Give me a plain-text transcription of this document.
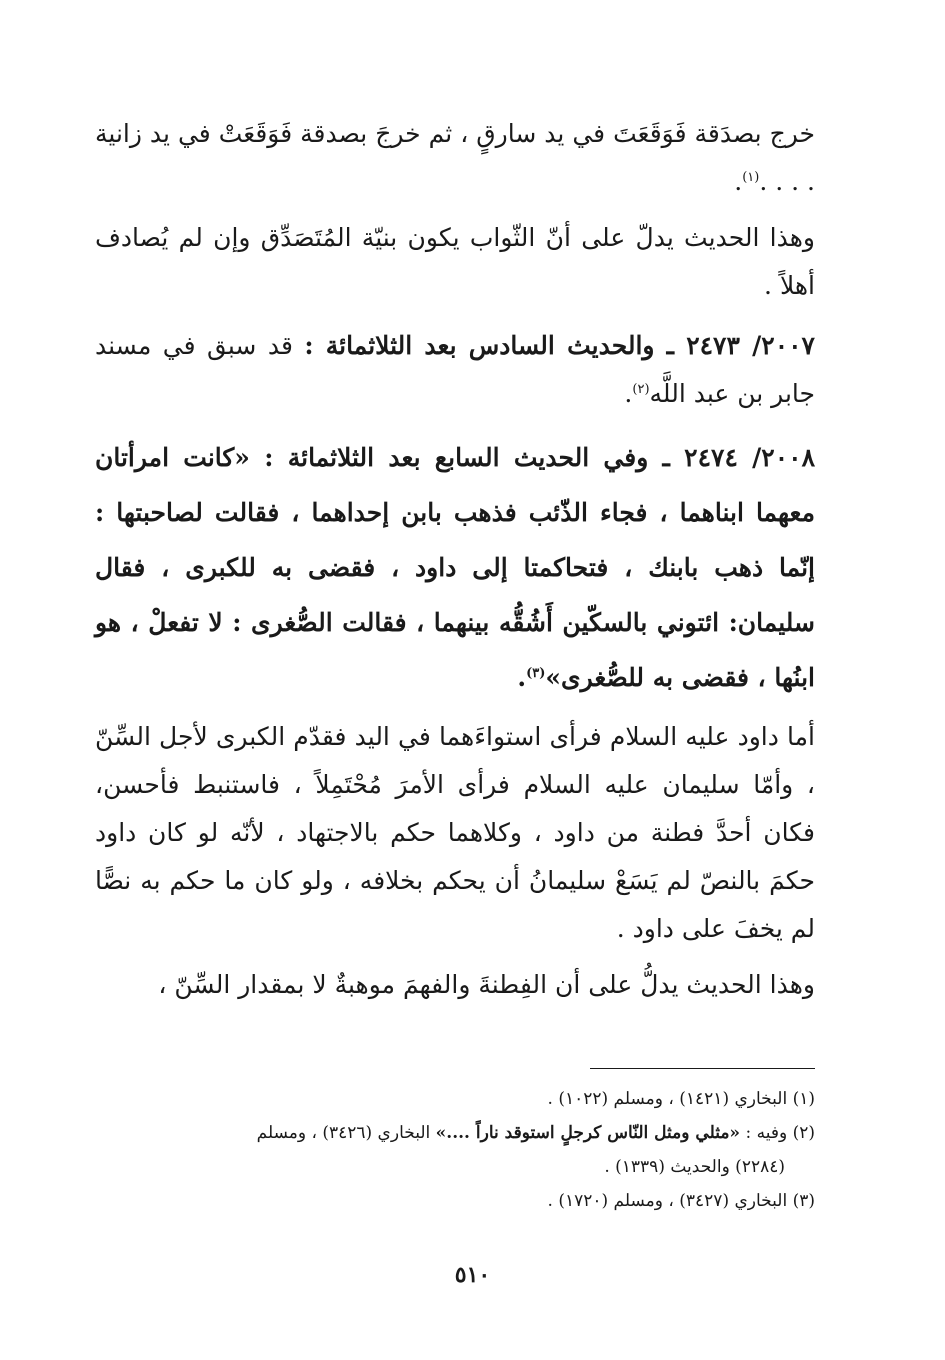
خرج بصدَقة فَوَقَعَتَ في يد سارقٍ ، ثم خرجَ بصدقة فَوَقَعَتْ في يد زانية . . . .$^{(١)}$.

وهذا الحديث يدلّ على أنّ الثّواب يكون بنيّة المُتَصَدِّق وإن لم يُصادف أهلاً .

٢٠٠٧/ ٢٤٧٣ ـ والحديث السادس بعد الثلاثمائة : قد سبق في مسند جابر بن عبد اللَّه$^{(٢)}$.

٢٠٠٨/ ٢٤٧٤ ـ وفي الحديث السابع بعد الثلاثمائة : «كانت امرأتان معهما ابناهما ، فجاء الذّئب فذهب بابن إحداهما ، فقالت لصاحبتها : إنّما ذهب بابنك ، فتحاكمتا إلى داود ، فقضى به للكبرى ، فقال سليمان: ائتوني بالسكّين أَشُقُّه بينهما ، فقالت الصُّغرى : لا تفعلْ ، هو ابنُها ، فقضى به للصُّغرى»$^{(٣)}$.

أما داود عليه السلام فرأى استواءَهما في اليد فقدّم الكبرى لأجل السِّنّ ، وأمّا سليمان عليه السلام فرأى الأمرَ مُحْتَمِلاً ، فاستنبط فأحسن، فكان أحدَّ فطنة من داود ، وكلاهما حكم بالاجتهاد ، لأنّه لو كان داود حكمَ بالنصّ لم يَسَعْ سليمانُ أن يحكم بخلافه ، ولو كان ما حكم به نصًّا لم يخفَ على داود .

وهذا الحديث يدلُّ على أن الفِطنةَ والفهمَ موهبةٌ لا بمقدار السِّنّ ،

(١) البخاري (١٤٢١) ، ومسلم (١٠٢٢) .

(٢) وفيه : «مثلي ومثل النّاس كرجلٍ استوقد ناراً ....» البخاري (٣٤٢٦) ، ومسلم
(٢٢٨٤) والحديث (١٣٣٩) .

(٣) البخاري (٣٤٢٧) ، ومسلم (١٧٢٠) .

٥١٠
